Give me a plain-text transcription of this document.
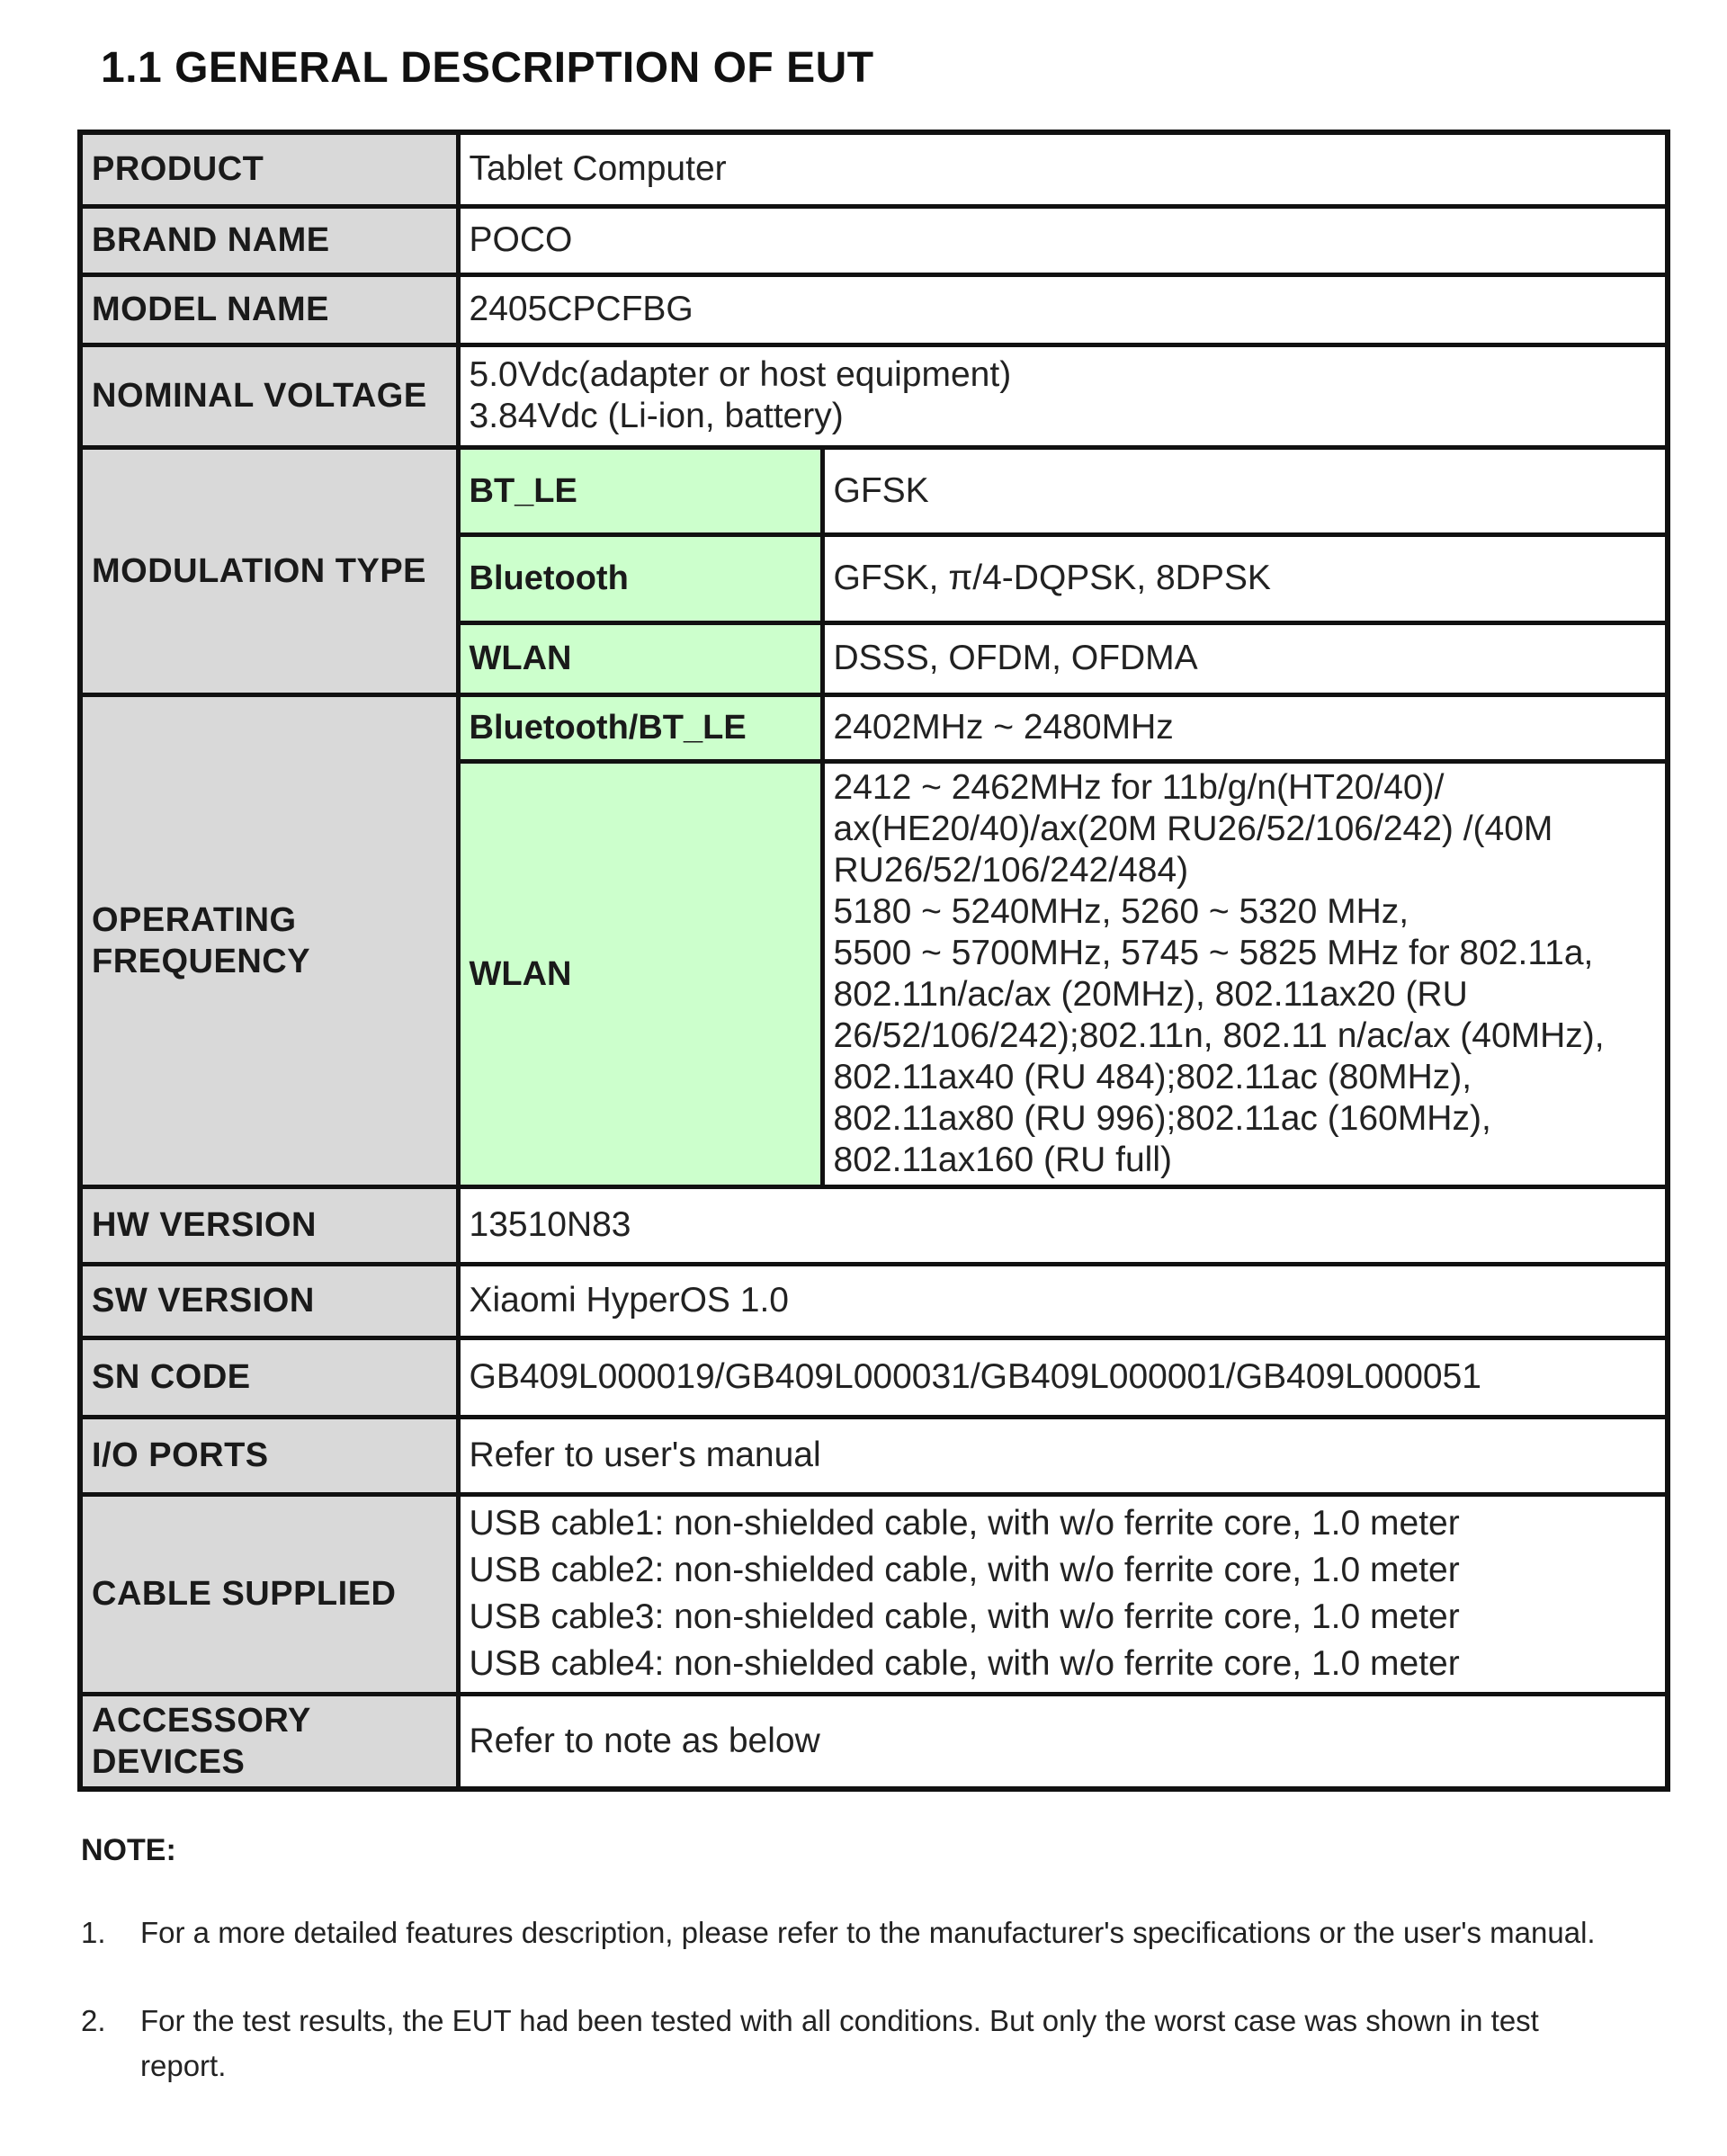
1.1 GENERAL DESCRIPTION OF EUT
PRODUCT	Tablet Computer	
BRAND NAME	POCO	
MODEL NAME	2405CPCFBG	
NOMINAL VOLTAGE	5.0Vdc(adapter or host equipment)
3.84Vdc (Li-ion, battery)	

MODULATION TYPE	BT_LE	GFSK
	Bluetooth	GFSK, π/4-DQPSK, 8DPSK
	WLAN	DSSS, OFDM, OFDMA
OPERATING FREQUENCY	Bluetooth/BT_LE	2402MHz ~ 2480MHz
	WLAN	2412 ~ 2462MHz for 11b/g/n(HT20/40)/ ax(HE20/40)/ax(20M RU26/52/106/242) /(40M RU26/52/106/242/484)
5180 ~ 5240MHz, 5260 ~ 5320 MHz,
5500 ~ 5700MHz, 5745 ~ 5825 MHz for 802.11a, 802.11n/ac/ax (20MHz), 802.11ax20 (RU 26/52/106/242);802.11n, 802.11 n/ac/ax (40MHz), 802.11ax40 (RU 484);802.11ac (80MHz), 802.11ax80 (RU 996);802.11ac (160MHz), 802.11ax160 (RU full)

HW VERSION	13510N83	
SW VERSION	Xiaomi HyperOS 1.0	
SN CODE	GB409L000019/GB409L000031/GB409L000001/GB409L000051	
I/O PORTS	Refer to user's manual	
CABLE SUPPLIED	USB cable1: non-shielded cable, with w/o ferrite core, 1.0 meter
USB cable2: non-shielded cable, with w/o ferrite core, 1.0 meter
USB cable3: non-shielded cable, with w/o ferrite core, 1.0 meter
USB cable4: non-shielded cable, with w/o ferrite core, 1.0 meter	

ACCESSORY DEVICES	Refer to note as below	

NOTE:

1. For a more detailed features description, please refer to the manufacturer's specifications or the user's manual.
2. For the test results, the EUT had been tested with all conditions. But only the worst case was shown in test report.
